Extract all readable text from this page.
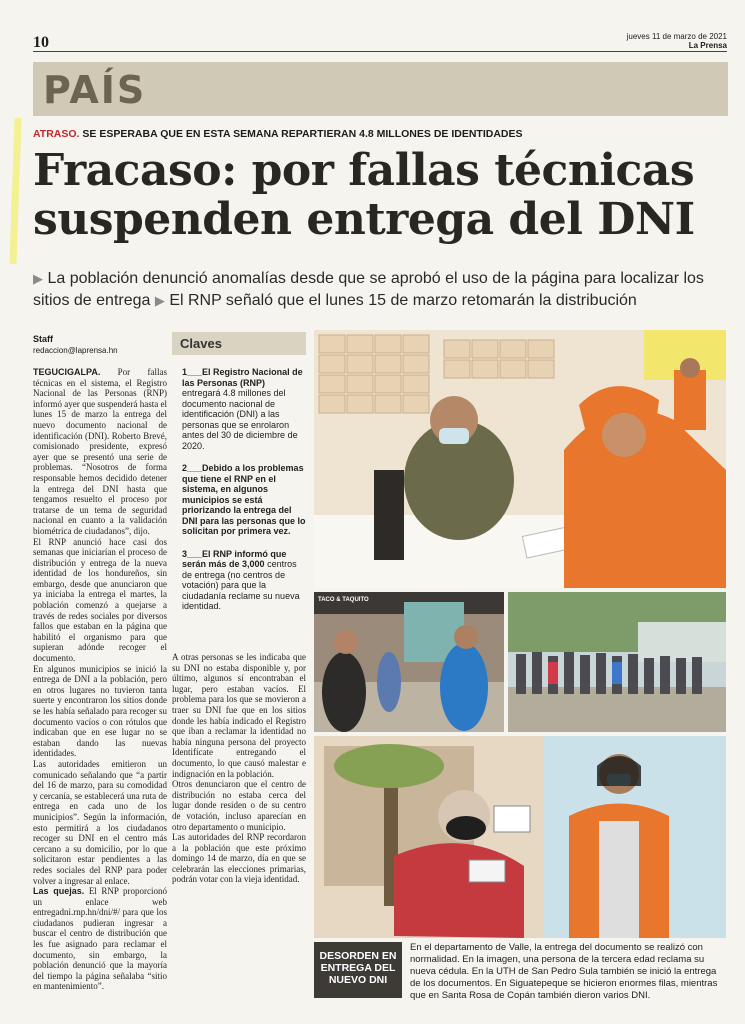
10	jueves 11 de marzo de 2021
La Prensa
PAÍS
ATRASO. SE ESPERABA QUE EN ESTA SEMANA REPARTIERAN 4.8 MILLONES DE IDENTIDADES
Fracaso: por fallas técnicas suspenden entrega del DNI
▶ La población denunció anomalías desde que se aprobó el uso de la página para localizar los sitios de entrega ▶ El RNP señaló que el lunes 15 de marzo retomarán la distribución
Staff
redaccion@laprensa.hn

TEGUCIGALPA. Por fallas técnicas en el sistema, el Registro Nacional de las Personas (RNP) informó ayer que suspenderá hasta el lunes 15 de marzo la entrega del nuevo documento nacional de identificación (DNI). Roberto Brevé, comisionado presidente, expresó ayer que se presentó una serie de problemas. “Nosotros de forma responsable hemos decidido detener la entrega del DNI hasta que tengamos resuelto el proceso por tratarse de un tema de seguridad nacional en cuanto a la validación biométrica de ciudadanos”, dijo.

El RNP anunció hace casi dos semanas que iniciarían el proceso de distribución y entrega de la nueva identidad de los hondureños, sin embargo, desde que anunciaron que ya iniciaba la entrega el martes, la población comenzó a quejarse a través de redes sociales por diversos fallos que estaban en la página que habilitó el organismo para que supieran adónde recoger el documento.

En algunos municipios se inició la entrega de DNI a la población, pero en otros lugares no tuvieron tanta suerte y encontraron los sitios donde se les había señalado para recoger su documento vacíos o con rótulos que indicaban que en ese lugar no se estaban dando las nuevas identidades.

Las autoridades emitieron un comunicado señalando que “a partir del 16 de marzo, para su comodidad y cercanía, se establecerá una ruta de entrega en cada uno de los municipios”. Según la información, esto permitirá a los ciudadanos recoger su DNI en el centro más cercano a su domicilio, por lo que solicitaron estar pendientes a las redes sociales del RNP para poder volver a ingresar al enlace.

Las quejas. El RNP proporcionó un enlace web entregadni.rnp.hn/dni/#/ para que los ciudadanos pudieran ingresar a buscar el centro de distribución que les fue asignado para reclamar el documento, sin embargo, la población denunció que la mayoría del tiempo la página señalaba “sitio en mantenimiento”.

A otras personas se les indicaba que su DNI no estaba disponible y, por último, algunos sí encontraban el lugar, pero estaban vacíos. El problema para los que se movieron a traer su DNI fue que en los sitios donde les había indicado el Registro que iban a reclamar la identidad no había ninguna persona del proyecto Identifícate entregando el documento, lo que causó malestar e indignación en la población.

Otros denunciaron que el centro de distribución no estaba cerca del lugar donde residen o de su centro de votación, incluso aparecían en otro departamento o municipio.

Las autoridades del RNP recordaron a la población que este próximo domingo 14 de marzo, día en que se celebrarán las elecciones primarias, podrán votar con la vieja identidad.

Claves
1___El Registro Nacional de las Personas (RNP) entregará 4.8 millones del documento nacional de identificación (DNI) a las personas que se enrolaron antes del 30 de diciembre de 2020.
2___Debido a los problemas que tiene el RNP en el sistema, en algunos municipios se está priorizando la entrega del DNI para las personas que lo solicitan por primera vez.
3___El RNP informó que serán más de 3,000 centros de entrega (no centros de votación) para que la ciudadanía reclame su nueva identidad.
TACO & TAQUITO
DESORDEN EN ENTREGA DEL NUEVO DNI
En el departamento de Valle, la entrega del documento se realizó con normalidad. En la imagen, una persona de la tercera edad reclama su nueva cédula. En la UTH de San Pedro Sula también se inició la entrega de los documentos. En Siguatepeque se hicieron enormes filas, mientras que en Santa Rosa de Copán también dieron varios DNI.
